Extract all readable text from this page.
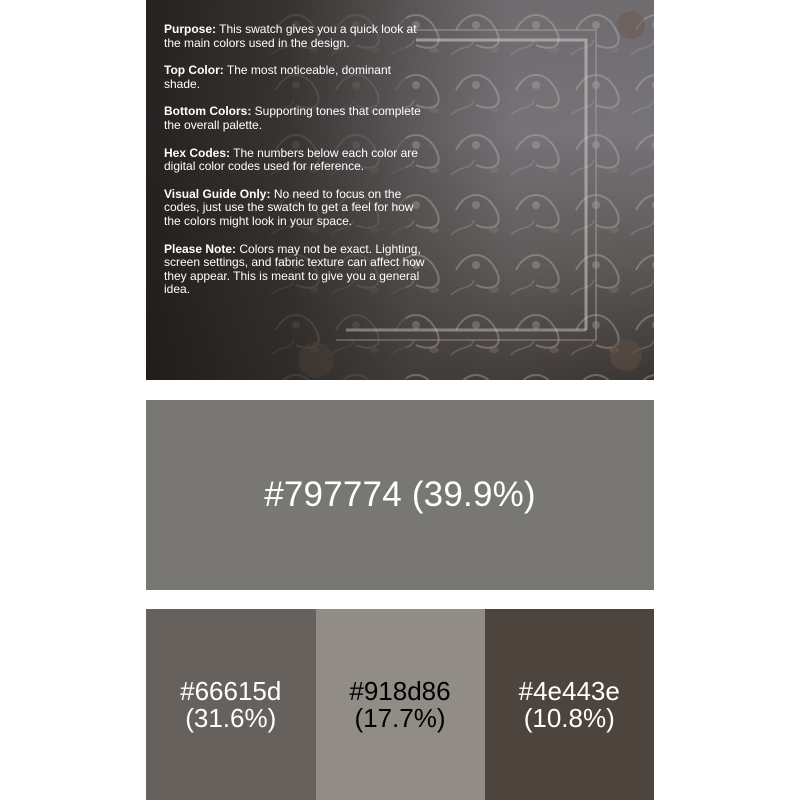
Purpose: This swatch gives you a quick look at the main colors used in the design.

Top Color: The most noticeable, dominant shade.

Bottom Colors: Supporting tones that complete the overall palette.

Hex Codes: The numbers below each color are digital color codes used for reference.

Visual Guide Only: No need to focus on the codes, just use the swatch to get a feel for how the colors might look in your space.

Please Note: Colors may not be exact. Lighting, screen settings, and fabric texture can affect how they appear. This is meant to give you a general idea.

#797774
(39.9%)
#66615d
(31.6%)
#918d86
(17.7%)
#4e443e
(10.8%)
